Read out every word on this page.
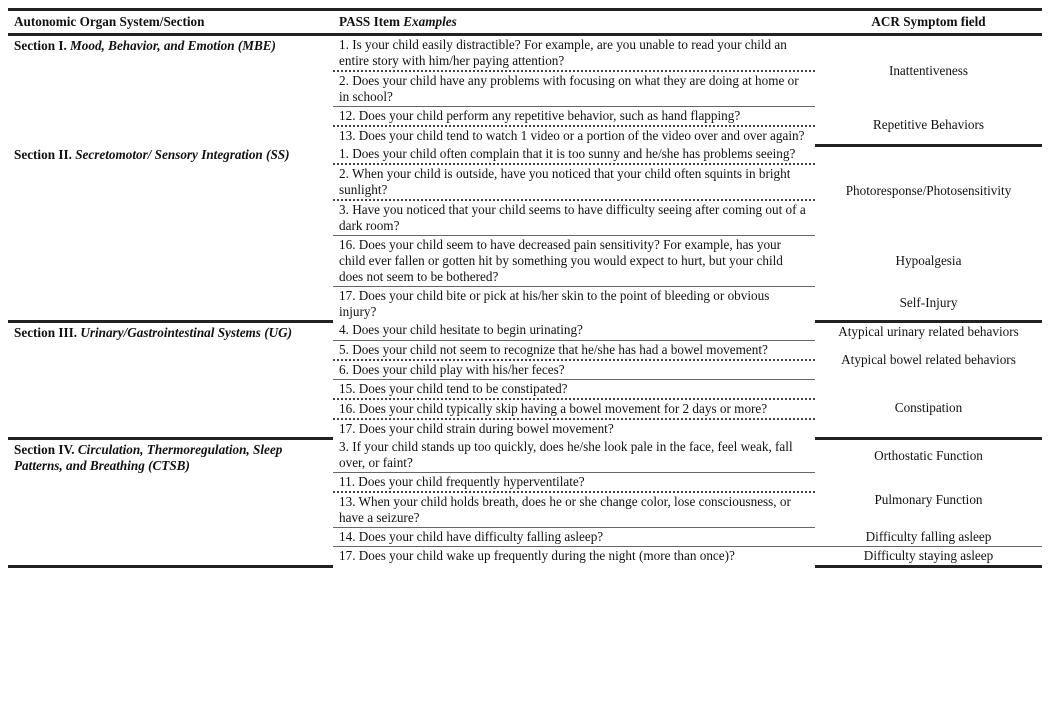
Autonomic Organ System/Section	PASS Item Examples	ACR Symptom field
Section I. Mood, Behavior, and Emotion (MBE)	1. Is your child easily distractible? For example, are you unable to read your child an entire story with him/her paying attention?	Inattentiveness
	2. Does your child have any problems with focusing on what they are doing at home or in school?	
	12. Does your child perform any repetitive behavior, such as hand flapping?	Repetitive Behaviors
	13. Does your child tend to watch 1 video or a portion of the video over and over again?	
Section II. Secretomotor/ Sensory Integration (SS)	1. Does your child often complain that it is too sunny and he/she has problems seeing?	Photoresponse/Photosensitivity
	2. When your child is outside, have you noticed that your child often squints in bright sunlight?	
	3. Have you noticed that your child seems to have difficulty seeing after coming out of a dark room?	
	16. Does your child seem to have decreased pain sensitivity? For example, has your child ever fallen or gotten hit by something you would expect to hurt, but your child does not seem to be bothered?	Hypoalgesia
	17. Does your child bite or pick at his/her skin to the point of bleeding or obvious injury?	Self-Injury
Section III. Urinary/Gastrointestinal Systems (UG)	4. Does your child hesitate to begin urinating?	Atypical urinary related behaviors
	5. Does your child not seem to recognize that he/she has had a bowel movement?	Atypical bowel related behaviors
	6. Does your child play with his/her feces?	
	15. Does your child tend to be constipated?	Constipation
	16. Does your child typically skip having a bowel movement for 2 days or more?	
	17. Does your child strain during bowel movement?	
Section IV. Circulation, Thermoregulation, Sleep Patterns, and Breathing (CTSB)	3. If your child stands up too quickly, does he/she look pale in the face, feel weak, fall over, or faint?	Orthostatic Function
	11. Does your child frequently hyperventilate?	Pulmonary Function
	13. When your child holds breath, does he or she change color, lose consciousness, or have a seizure?	
	14. Does your child have difficulty falling asleep?	Difficulty falling asleep
	17. Does your child wake up frequently during the night (more than once)?	Difficulty staying asleep
